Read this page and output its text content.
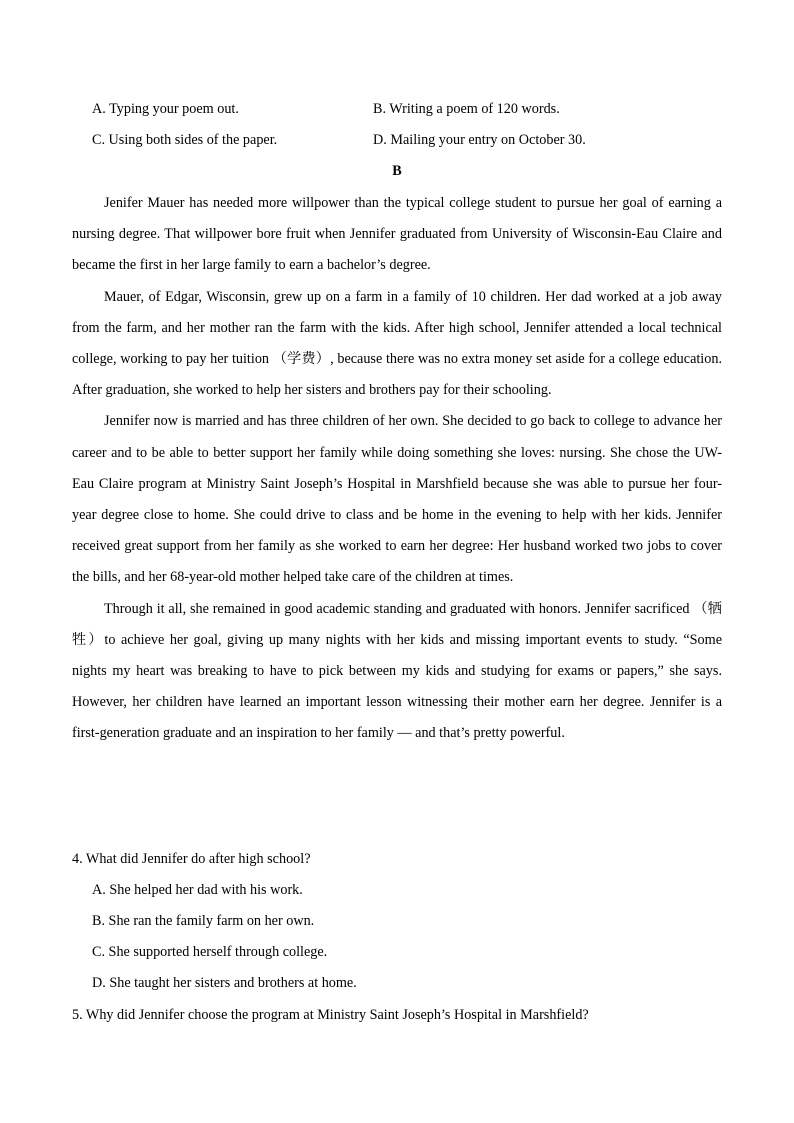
A. Typing your poem out.	B. Writing a poem of 120 words.
C. Using both sides of the paper.	D. Mailing your entry on October 30.
B

Jenifer Mauer has needed more willpower than the typical college student to pursue her goal of earning a nursing degree. That willpower bore fruit when Jennifer graduated from University of Wisconsin-Eau Claire and became the first in her large family to earn a bachelor’s degree.

Mauer, of Edgar, Wisconsin, grew up on a farm in a family of 10 children. Her dad worked at a job away from the farm, and her mother ran the farm with the kids. After high school, Jennifer attended a local technical college, working to pay her tuition （学费）, because there was no extra money set aside for a college education. After graduation, she worked to help her sisters and brothers pay for their schooling.

Jennifer now is married and has three children of her own. She decided to go back to college to advance her career and to be able to better support her family while doing something she loves: nursing. She chose the UW-Eau Claire program at Ministry Saint Joseph’s Hospital in Marshfield because she was able to pursue her four-year degree close to home. She could drive to class and be home in the evening to help with her kids. Jennifer received great support from her family as she worked to earn her degree: Her husband worked two jobs to cover the bills, and her 68-year-old mother helped take care of the children at times.

Through it all, she remained in good academic standing and graduated with honors. Jennifer sacrificed （牺牲）to achieve her goal, giving up many nights with her kids and missing important events to study. “Some nights my heart was breaking to have to pick between my kids and studying for exams or papers,” she says. However, her children have learned an important lesson witnessing their mother earn her degree. Jennifer is a first-generation graduate and an inspiration to her family — and that’s pretty powerful.

4. What did Jennifer do after high school?
A. She helped her dad with his work.
B. She ran the family farm on her own.
C. She supported herself through college.
D. She taught her sisters and brothers at home.
5. Why did Jennifer choose the program at Ministry Saint Joseph’s Hospital in Marshfield?
